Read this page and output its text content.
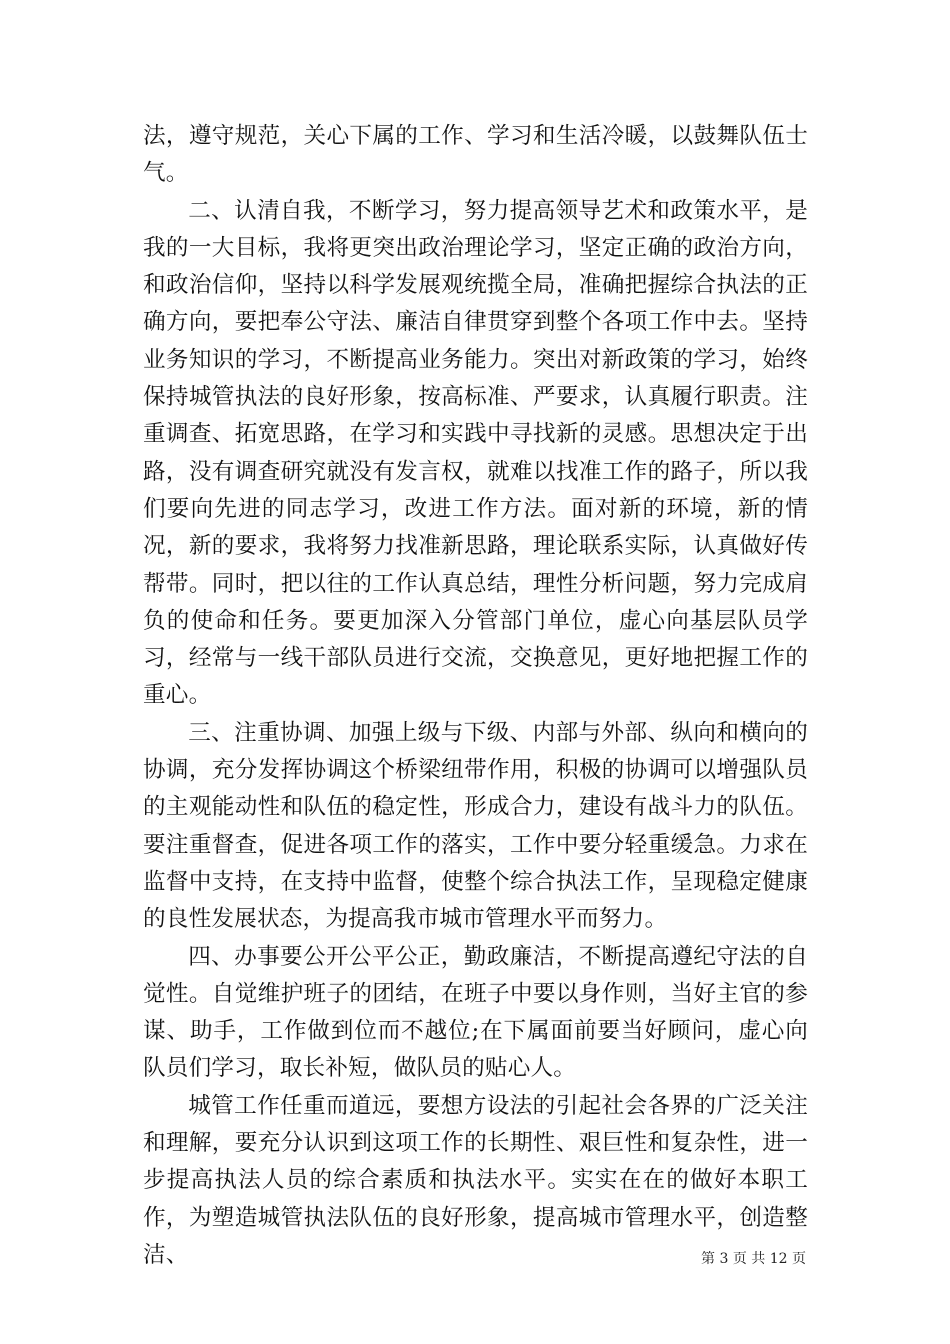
法，遵守规范，关心下属的工作、学习和生活冷暖，以鼓舞队伍士气。

二、认清自我，不断学习，努力提高领导艺术和政策水平，是我的一大目标，我将更突出政治理论学习，坚定正确的政治方向，和政治信仰，坚持以科学发展观统揽全局，准确把握综合执法的正确方向，要把奉公守法、廉洁自律贯穿到整个各项工作中去。坚持业务知识的学习，不断提高业务能力。突出对新政策的学习，始终保持城管执法的良好形象，按高标准、严要求，认真履行职责。注重调查、拓宽思路，在学习和实践中寻找新的灵感。思想决定于出路，没有调查研究就没有发言权，就难以找准工作的路子，所以我们要向先进的同志学习，改进工作方法。面对新的环境，新的情况，新的要求，我将努力找准新思路，理论联系实际，认真做好传帮带。同时，把以往的工作认真总结，理性分析问题，努力完成肩负的使命和任务。要更加深入分管部门单位，虚心向基层队员学习，经常与一线干部队员进行交流，交换意见，更好地把握工作的重心。

三、注重协调、加强上级与下级、内部与外部、纵向和横向的协调，充分发挥协调这个桥梁纽带作用，积极的协调可以增强队员的主观能动性和队伍的稳定性，形成合力，建设有战斗力的队伍。要注重督查，促进各项工作的落实，工作中要分轻重缓急。力求在监督中支持，在支持中监督，使整个综合执法工作，呈现稳定健康的良性发展状态，为提高我市城市管理水平而努力。

四、办事要公开公平公正，勤政廉洁，不断提高遵纪守法的自觉性。自觉维护班子的团结，在班子中要以身作则，当好主官的参谋、助手，工作做到位而不越位;在下属面前要当好顾问，虚心向队员们学习，取长补短，做队员的贴心人。

城管工作任重而道远，要想方设法的引起社会各界的广泛关注和理解，要充分认识到这项工作的长期性、艰巨性和复杂性，进一步提高执法人员的综合素质和执法水平。实实在在的做好本职工作，为塑造城管执法队伍的良好形象，提高城市管理水平，创造整洁、	第 3 页 共 12 页
